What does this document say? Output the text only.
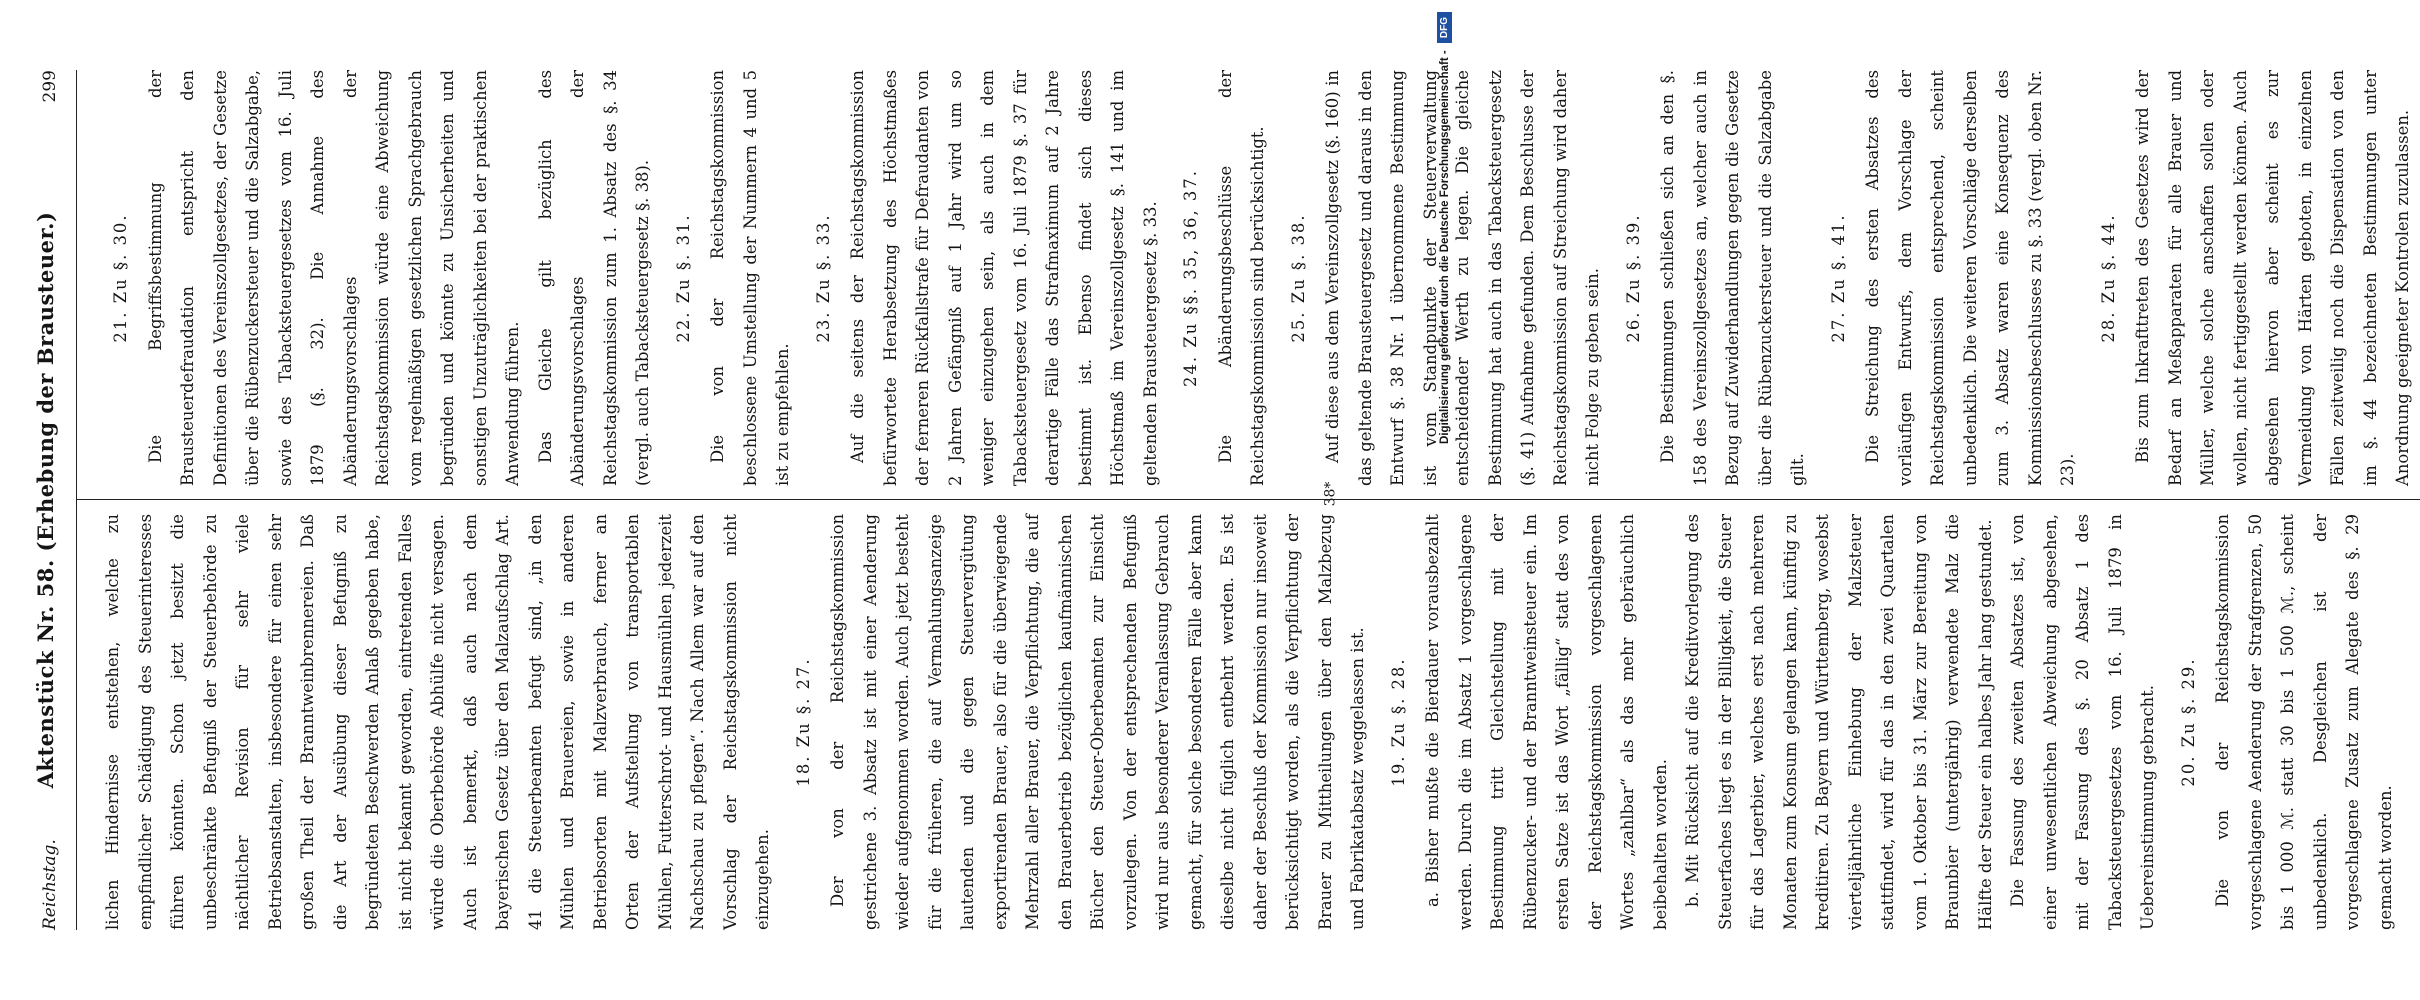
Reichstag.
Aktenstück Nr. 58. (Erhebung der Brausteuer.)
299

lichen Hindernisse entstehen, welche zu empfindlicher Schädigung des Steuerinteresses führen könnten. Schon jetzt besitzt die unbeschränkte Befugniß der Steuerbehörde zu nächtlicher Revision für sehr viele Betriebsanstalten, insbesondere für einen sehr großen Theil der Branntweinbrennereien. Daß die Art der Ausübung dieser Befugniß zu begründeten Beschwerden Anlaß gegeben habe, ist nicht bekannt geworden, eintretenden Falles würde die Oberbehörde Abhülfe nicht versagen. Auch ist bemerkt, daß auch nach dem bayerischen Gesetz über den Malzaufschlag Art. 41 die Steuerbeamten befugt sind, „in den Mühlen und Brauereien, sowie in anderen Betriebsorten mit Malzverbrauch, ferner an Orten der Aufstellung von transportablen Mühlen, Futterschrot- und Hausmühlen jederzeit Nachschau zu pflegen“. Nach Allem war auf den Vorschlag der Reichstagskommission nicht einzugehen.

18. Zu §. 27. Der von der Reichstagskommission gestrichene 3. Absatz ist mit einer Aenderung wieder aufgenommen worden. Auch jetzt besteht für die früheren, die auf Vermahlungsanzeige lautenden und die gegen Steuervergütung exportirenden Brauer, also für die überwiegende Mehrzahl aller Brauer, die Verpflichtung, die auf den Brauerbetrieb bezüglichen kaufmännischen Bücher den Steuer-Oberbeamten zur Einsicht vorzulegen. Von der entsprechenden Befugniß wird nur aus besonderer Veranlassung Gebrauch gemacht, für solche besonderen Fälle aber kann dieselbe nicht füglich entbehrt werden. Es ist daher der Beschluß der Kommission nur insoweit berücksichtigt worden, als die Verpflichtung der Brauer zu Mittheilungen über den Malzbezug und Fabrikatabsatz weggelassen ist.	19. Zu §. 28. a. Bisher mußte die Bierdauer vorausbezahlt werden. Durch die im Absatz 1 vorgeschlagene Bestimmung tritt Gleichstellung mit der Rübenzucker- und der Branntweinsteuer ein. Im ersten Satze ist das Wort „fällig“ statt des von der Reichstagskommission vorgeschlagenen Wortes „zahlbar“ als das mehr gebräuchlich beibehalten worden. b. Mit Rücksicht auf die Kreditvorlegung des Steuerfaches liegt es in der Billigkeit, die Steuer für das Lagerbier, welches erst nach mehreren Monaten zum Konsum gelangen kann, künftig zu kreditiren. Zu Bayern und Württemberg, wosebst vierteljährliche Einhebung der Malzsteuer stattfindet, wird für das in den zwei Quartalen vom 1. Oktober bis 31. März zur Bereitung von Braunbier (untergährig) verwendete Malz die Hälfte der Steuer ein halbes Jahr lang gestundet. Die Fassung des zweiten Absatzes ist, von einer unwesentlichen Abweichung abgesehen, mit der Fassung des §. 20 Absatz 1 des Tabacksteuergesetzes vom 16. Juli 1879 in Uebereinstimmung gebracht.	20. Zu §. 29. Die von der Reichstagskommission vorgeschlagene Aenderung der Strafgrenzen, 50 bis 1 000 ℳ. statt 30 bis 1 500 ℳ., scheint unbedenklich. Desgleichen ist der vorgeschlagene Zusatz zum Alegate des §. 29 gemacht worden.

21. Zu §. 30. Die Begriffsbestimmung der Brausteuerdefraudation entspricht den Definitionen des Vereinszollgesetzes, der Gesetze über die Rübenzuckersteuer und die Salzabgabe, sowie des Tabacksteuergesetzes vom 16. Juli 1879 (§. 32). Die Annahme des Abänderungsvorschlages der Reichstagskommission würde eine Abweichung vom regelmäßigen gesetzlichen Sprachgebrauch begründen und könnte zu Unsicherheiten und sonstigen Unzuträglichkeiten bei der praktischen Anwendung führen. Das Gleiche gilt bezüglich des Abänderungsvorschlages der Reichstagskommission zum 1. Absatz des §. 34 (vergl. auch Tabacksteuergesetz §. 38).	22. Zu §. 31. Die von der Reichstagskommission beschlossene Umstellung der Nummern 4 und 5 ist zu empfehlen.

23. Zu §. 33. Auf die seitens der Reichstagskommission befürwortete Herabsetzung des Höchstmaßes der ferneren Rückfallstrafe für Defraudanten von 2 Jahren Gefängniß auf 1 Jahr wird um so weniger einzugehen sein, als auch in dem Tabacksteuergesetz vom 16. Juli 1879 §. 37 für derartige Fälle das Strafmaximum auf 2 Jahre bestimmt ist. Ebenso findet sich dieses Höchstmaß im Vereinszollgesetz §. 141 und im geltenden Brausteuergesetz §. 33.	24. Zu §§. 35, 36, 37. Die Abänderungsbeschlüsse der Reichstagskommission sind berücksichtigt.	25. Zu §. 38. Auf diese aus dem Vereinszollgesetz (§. 160) in das geltende Brausteuergesetz und daraus in den Entwurf §. 38 Nr. 1 übernommene Bestimmung ist vom Standpunkte der Steuerverwaltung entscheidender Werth zu legen. Die gleiche Bestimmung hat auch in das Tabacksteuergesetz (§. 41) Aufnahme gefunden. Dem Beschlusse der Reichstagskommission auf Streichung wird daher nicht Folge zu geben sein.	26. Zu §. 39. Die Bestimmungen schließen sich an den §. 158 des Vereinszollgesetzes an, welcher auch in Bezug auf Zuwiderhandlungen gegen die Gesetze über die Rübenzuckersteuer und die Salzabgabe gilt.

27. Zu §. 41. Die Streichung des ersten Absatzes des vorläufigen Entwurfs, dem Vorschlage der Reichstagskommission entsprechend, scheint unbedenklich. Die weiteren Vorschläge derselben zum 3. Absatz waren eine Konsequenz des Kommissionsbeschlusses zu §. 33 (vergl. oben Nr. 23).

28. Zu §. 44. Bis zum Inkrafttreten des Gesetzes wird der Bedarf an Meßapparaten für alle Brauer und Müller, welche solche anschaffen sollen oder wollen, nicht fertiggestellt werden können. Auch abgesehen hiervon aber scheint es zur Vermeidung von Härten geboten, in einzelnen Fällen zeitweilig noch die Dispensation von den im §. 44 bezeichneten Bestimmungen unter Anordnung geeigneter Kontrolen zuzulassen.

38*
Digitalisierung gefördert durch die Deutsche Forschungsgemeinschaft - DFG
